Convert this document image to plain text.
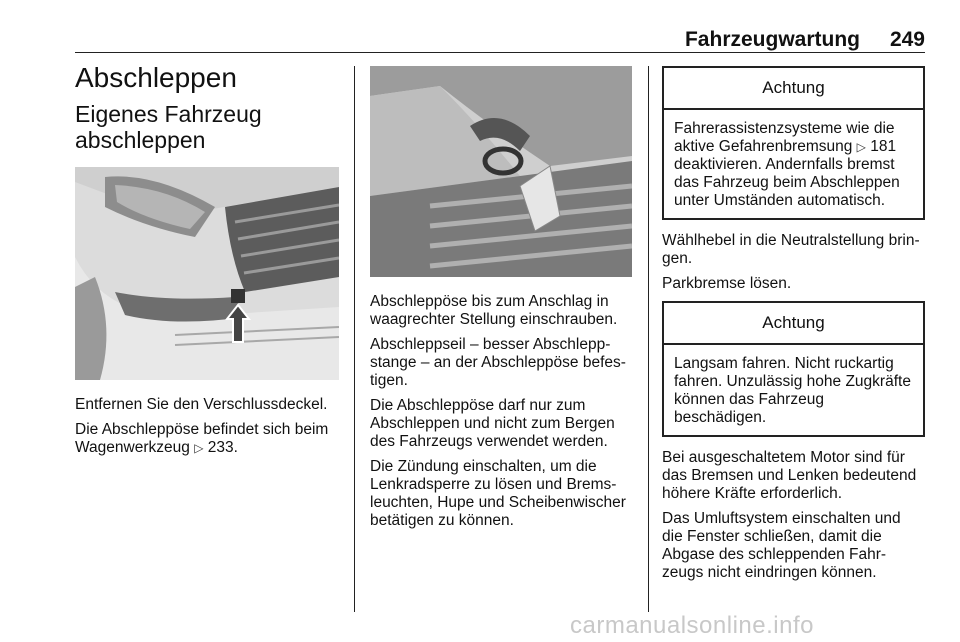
Fahrzeugwartung	249
Abschleppen
Eigenes Fahrzeug abschleppen

Entfernen Sie den Verschlussdeckel.

Die Abschleppöse befindet sich beim Wagenwerkzeug ▷ 233.

Abschleppöse bis zum Anschlag in waagrechter Stellung einschrauben.

Abschleppseil – besser Abschlepp-stange – an der Abschleppöse befes-tigen.

Die Abschleppöse darf nur zum Abschleppen und nicht zum Bergen des Fahrzeugs verwendet werden.

Die Zündung einschalten, um die Lenkradsperre zu lösen und Brems-leuchten, Hupe und Scheibenwischer betätigen zu können.

Achtung
Fahrerassistenzsysteme wie die aktive Gefahrenbremsung ▷ 181 deaktivieren. Andernfalls bremst das Fahrzeug beim Abschleppen unter Umständen automatisch.

Wählhebel in die Neutralstellung brin-gen.

Parkbremse lösen.

Achtung
Langsam fahren. Nicht ruckartig fahren. Unzulässig hohe Zugkräfte können das Fahrzeug beschädigen.

Bei ausgeschaltetem Motor sind für das Bremsen und Lenken bedeutend höhere Kräfte erforderlich.

Das Umluftsystem einschalten und die Fenster schließen, damit die Abgase des schleppenden Fahr-zeugs nicht eindringen können.

carmanualsonline.info
